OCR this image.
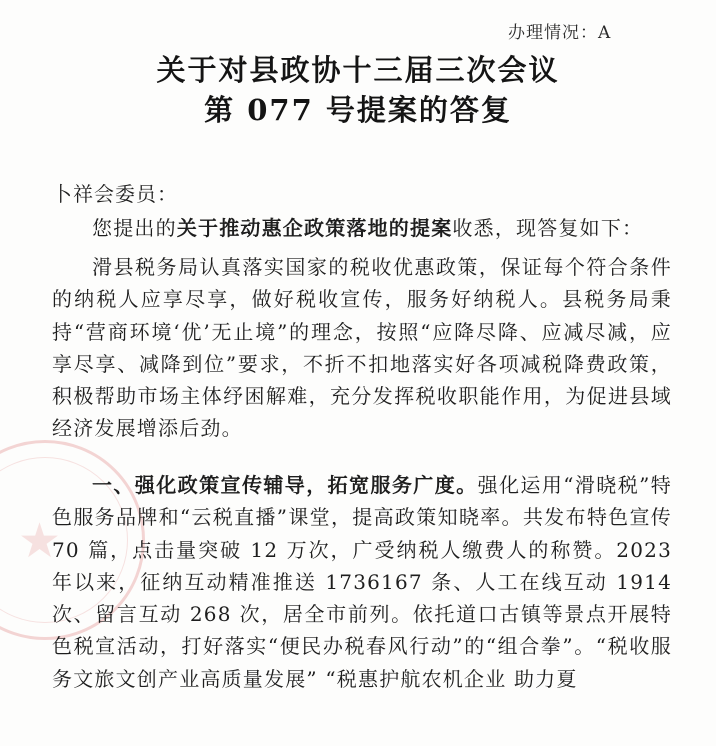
★
办理情况：A
关于对县政协十三届三次会议
第 077 号提案的答复
卜祥会委员：

您提出的关于推动惠企政策落地的提案收悉，现答复如下：

滑县税务局认真落实国家的税收优惠政策，保证每个符合条件的纳税人应享尽享，做好税收宣传，服务好纳税人。县税务局秉持“营商环境‘优’无止境”的理念，按照“应降尽降、应减尽减，应享尽享、减降到位”要求，不折不扣地落实好各项减税降费政策，积极帮助市场主体纾困解难，充分发挥税收职能作用，为促进县域经济发展增添后劲。

一、强化政策宣传辅导，拓宽服务广度。强化运用“滑晓税”特色服务品牌和“云税直播”课堂，提高政策知晓率。共发布特色宣传 70 篇，点击量突破 12 万次，广受纳税人缴费人的称赞。2023 年以来，征纳互动精准推送 1736167 条、人工在线互动 1914 次、留言互动 268 次，居全市前列。依托道口古镇等景点开展特色税宣活动，打好落实“便民办税春风行动”的“组合拳”。“税收服务文旅文创产业高质量发展” “税惠护航农机企业 助力夏
